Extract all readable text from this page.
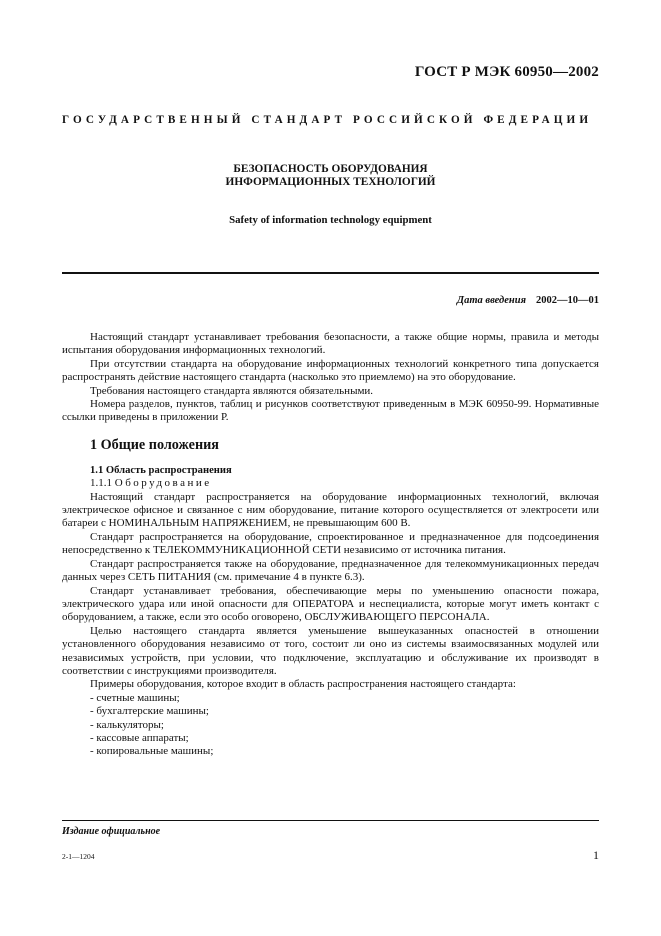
ГОСТ Р МЭК 60950—2002
ГОСУДАРСТВЕННЫЙ СТАНДАРТ РОССИЙСКОЙ ФЕДЕРАЦИИ
БЕЗОПАСНОСТЬ ОБОРУДОВАНИЯ
ИНФОРМАЦИОННЫХ ТЕХНОЛОГИЙ
Safety of information technology equipment
Дата введения 2002—10—01

Настоящий стандарт устанавливает требования безопасности, а также общие нормы, правила и методы испытания оборудования информационных технологий.

При отсутствии стандарта на оборудование информационных технологий конкретного типа допускается распространять действие настоящего стандарта (насколько это приемлемо) на это оборудование.

Требования настоящего стандарта являются обязательными.

Номера разделов, пунктов, таблиц и рисунков соответствуют приведенным в МЭК 60950-99. Нормативные ссылки приведены в приложении Р.

1 Общие положения

1.1 Область распространения

1.1.1 Оборудование

Настоящий стандарт распространяется на оборудование информационных технологий, включая электрическое офисное и связанное с ним оборудование, питание которого осуществляется от электросети или батареи с НОМИНАЛЬНЫМ НАПРЯЖЕНИЕМ, не превышающим 600 В.

Стандарт распространяется на оборудование, спроектированное и предназначенное для подсоединения непосредственно к ТЕЛЕКОММУНИКАЦИОННОЙ СЕТИ независимо от источника питания.

Стандарт распространяется также на оборудование, предназначенное для телекоммуникационных передач данных через СЕТЬ ПИТАНИЯ (см. примечание 4 в пункте 6.3).

Стандарт устанавливает требования, обеспечивающие меры по уменьшению опасности пожара, электрического удара или иной опасности для ОПЕРАТОРА и неспециалиста, которые могут иметь контакт с оборудованием, а также, если это особо оговорено, ОБСЛУЖИВАЮЩЕГО ПЕРСОНАЛА.

Целью настоящего стандарта является уменьшение вышеуказанных опасностей в отношении установленного оборудования независимо от того, состоит ли оно из системы взаимосвязанных модулей или независимых устройств, при условии, что подключение, эксплуатацию и обслуживание их производят в соответствии с инструкциями производителя.

Примеры оборудования, которое входит в область распространения настоящего стандарта:

- счетные машины;
- бухгалтерские машины;
- калькуляторы;
- кассовые аппараты;
- копировальные машины;
Издание официальное
2-1—1204	1
